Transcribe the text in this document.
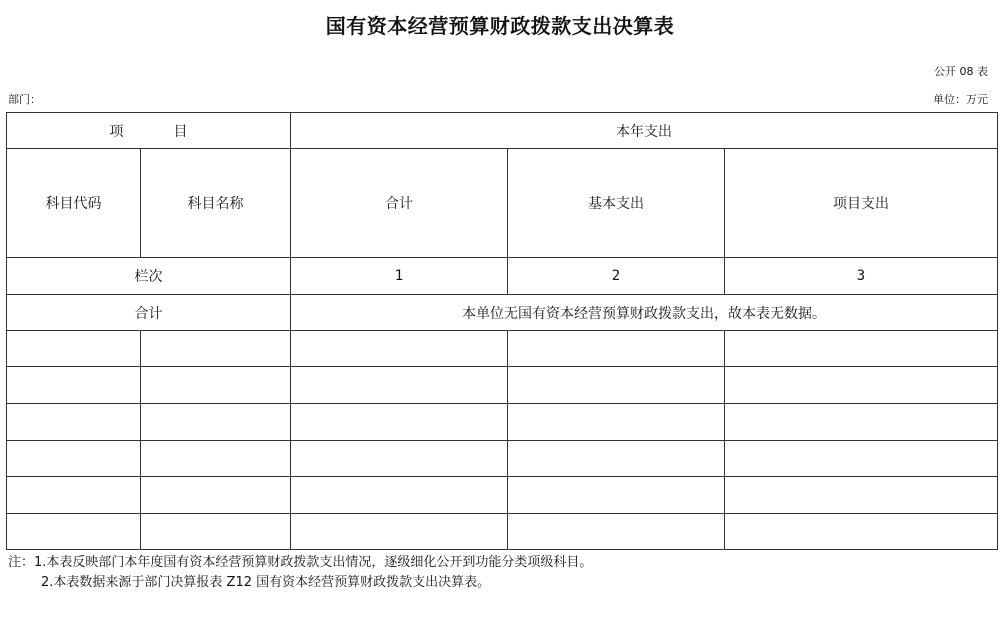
国有资本经营预算财政拨款支出决算表
公开 08 表
部门：	单位：万元
项　目		本年支出		
科目代码	科目名称	合计	基本支出	项目支出
栏次		1	2	3
合计		本单位无国有资本经营预算财政拨款支出，故本表无数据。		

注：1.本表反映部门本年度国有资本经营预算财政拨款支出情况，逐级细化公开到功能分类项级科目。
2.本表数据来源于部门决算报表 Z12 国有资本经营预算财政拨款支出决算表。
